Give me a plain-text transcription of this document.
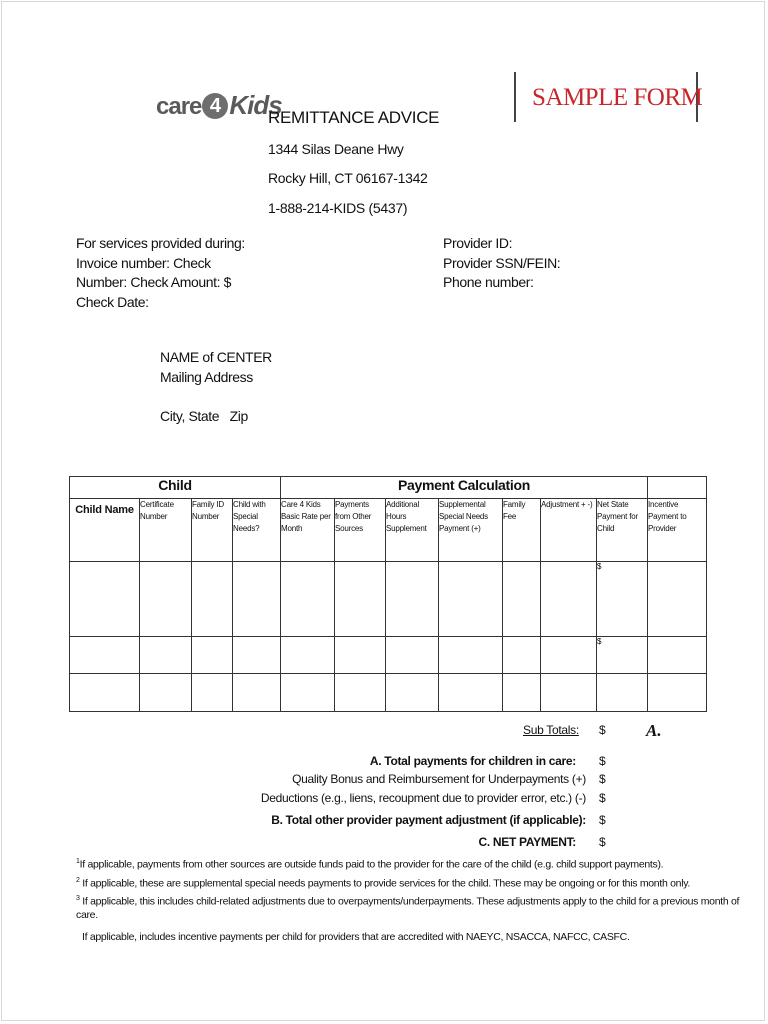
care 4 Kids
REMITTANCE ADVICE
1344 Silas Deane Hwy
Rocky Hill, CT 06167-1342
1-888-214-KIDS (5437)
SAMPLE FORM
For services provided during:
Invoice number: Check
Number: Check Amount: $
Check Date:
Provider ID:
Provider SSN/FEIN:
Phone number:
NAME of CENTER
Mailing Address
City, State   Zip
Child				Payment Calculation							
Child Name	Certificate Number	Family ID Number	Child with Special Needs?	Care 4 Kids Basic Rate per Month	Payments from Other Sources	Additional Hours Supplement	Supplemental Special Needs Payment (+)	Family Fee	Adjustment + -)	Net State Payment for Child	Incentive Payment to Provider
										$	
										$	

Sub Totals: $ A.
A. Total payments for children in care: $
Quality Bonus and Reimbursement for Underpayments (+) $
Deductions (e.g., liens, recoupment due to provider error, etc.) (-) $
B. Total other provider payment adjustment (if applicable): $
C. NET PAYMENT: $
$^1$If applicable, payments from other sources are outside funds paid to the provider for the care of the child (e.g. child support payments).
$^2$ If applicable, these are supplemental special needs payments to provide services for the child. These may be ongoing or for this month only.
$^3$ If applicable, this includes child-related adjustments due to overpayments/underpayments. These adjustments apply to the child for a previous month of
care.
If applicable, includes incentive payments per child for providers that are accredited with NAEYC, NSACCA, NAFCC, CASFC.
